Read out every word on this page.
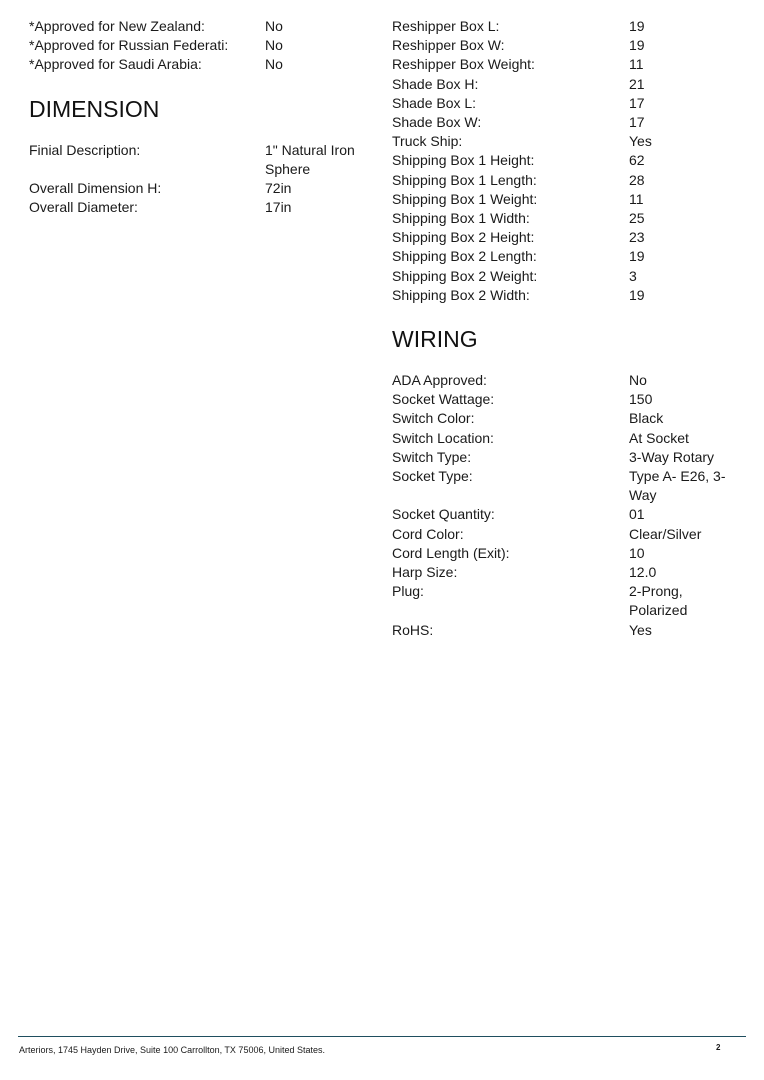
*Approved for New Zealand:	No
*Approved for Russian Federati:	No
*Approved for Saudi Arabia:	No
DIMENSION
Finial Description:	1" Natural Iron Sphere
Overall Dimension H:	72in
Overall Diameter:	17in
Reshipper Box L:	19
Reshipper Box W:	19
Reshipper Box Weight:	11
Shade Box H:	21
Shade Box L:	17
Shade Box W:	17
Truck Ship:	Yes
Shipping Box 1 Height:	62
Shipping Box 1 Length:	28
Shipping Box 1 Weight:	11
Shipping Box 1 Width:	25
Shipping Box 2 Height:	23
Shipping Box 2 Length:	19
Shipping Box 2 Weight:	3
Shipping Box 2 Width:	19
WIRING
ADA Approved:	No
Socket Wattage:	150
Switch Color:	Black
Switch Location:	At Socket
Switch Type:	3-Way Rotary
Socket Type:	Type A- E26, 3-Way
Socket Quantity:	01
Cord Color:	Clear/Silver
Cord Length (Exit):	10
Harp Size:	12.0
Plug:	2-Prong, Polarized
RoHS:	Yes
Arteriors, 1745 Hayden Drive, Suite 100 Carrollton, TX 75006, United States.	2
